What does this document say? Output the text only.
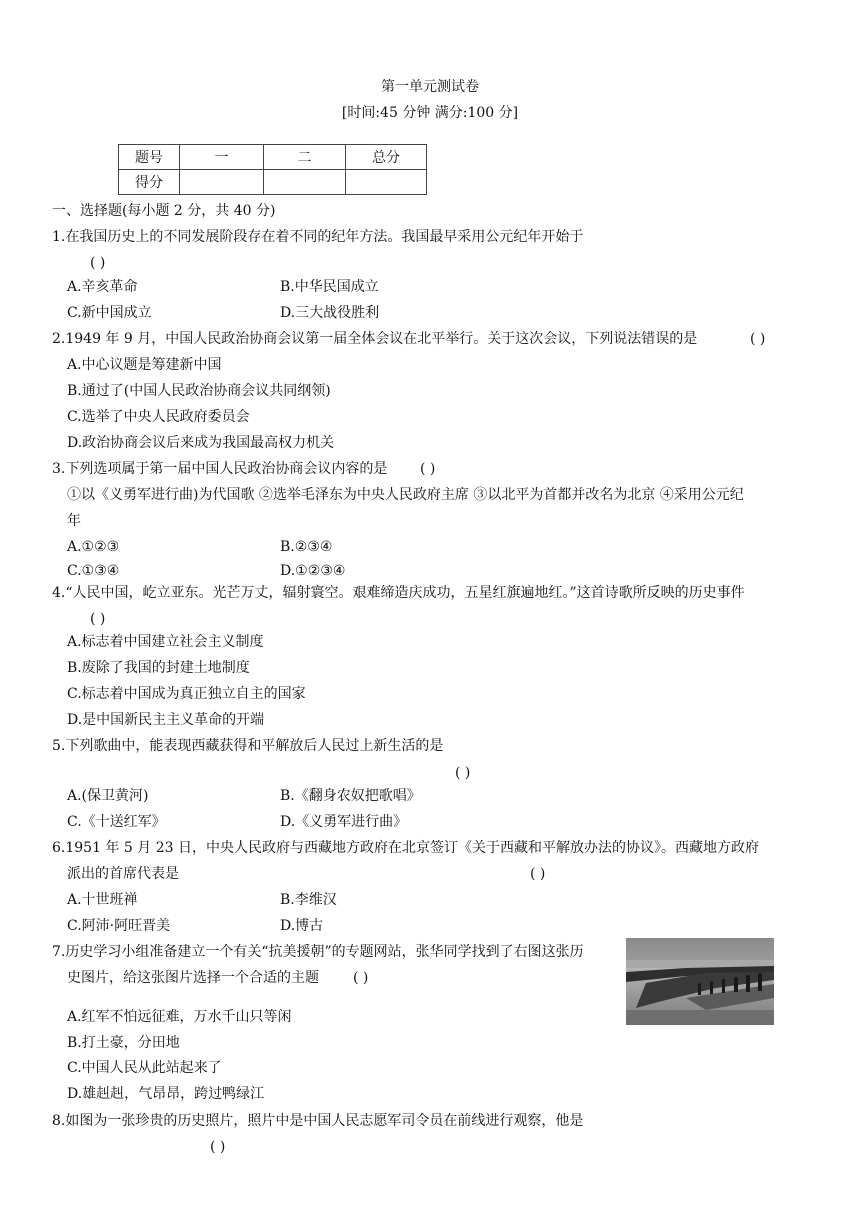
第一单元测试卷
[时间:45 分钟 满分:100 分]
题号	一	二	总分
得分			
一、选择题(每小题 2 分，共 40 分)
1.在我国历史上的不同发展阶段存在着不同的纪年方法。我国最早采用公元纪年开始于
( )
A.辛亥革命	B.中华民国成立
C.新中国成立	D.三大战役胜利
2.1949 年 9 月，中国人民政治协商会议第一届全体会议在北平举行。关于这次会议，下列说法错误的是	( )
A.中心议题是筹建新中国
B.通过了(中国人民政治协商会议共同纲领)
C.选举了中央人民政府委员会
D.政治协商会议后来成为我国最高权力机关
3.下列选项属于第一届中国人民政治协商会议内容的是 ( )
①以《义勇军进行曲)为代国歌 ②选举毛泽东为中央人民政府主席 ③以北平为首都并改名为北京 ④采用公元纪
年
A.①②③	B.②③④
C.①③④	D.①②③④
4.“人民中国，屹立亚东。光芒万丈，辐射寰空。艰难缔造庆成功，五星红旗遍地红。”这首诗歌所反映的历史事件
( )
A.标志着中国建立社会主义制度
B.废除了我国的封建土地制度
C.标志着中国成为真正独立自主的国家
D.是中国新民主主义革命的开端
5.下列歌曲中，能表现西藏获得和平解放后人民过上新生活的是
( )
A.(保卫黄河)	B.《翻身农奴把歌唱》
C.《十送红军》	D.《义勇军进行曲》
6.1951 年 5 月 23 日，中央人民政府与西藏地方政府在北京签订《关于西藏和平解放办法的协议》。西藏地方政府
派出的首席代表是	( )
A.十世班禅	B.李维汉
C.阿沛·阿旺晋美	D.博古
7.历史学习小组准备建立一个有关“抗美援朝”的专题网站，张华同学找到了右图这张历
史图片，给这张图片选择一个合适的主题 ( )
A.红军不怕远征难，万水千山只等闲
B.打土豪，分田地
C.中国人民从此站起来了
D.雄赳赳，气昂昂，跨过鸭绿江
8.如图为一张珍贵的历史照片，照片中是中国人民志愿军司令员在前线进行观察，他是
( )
